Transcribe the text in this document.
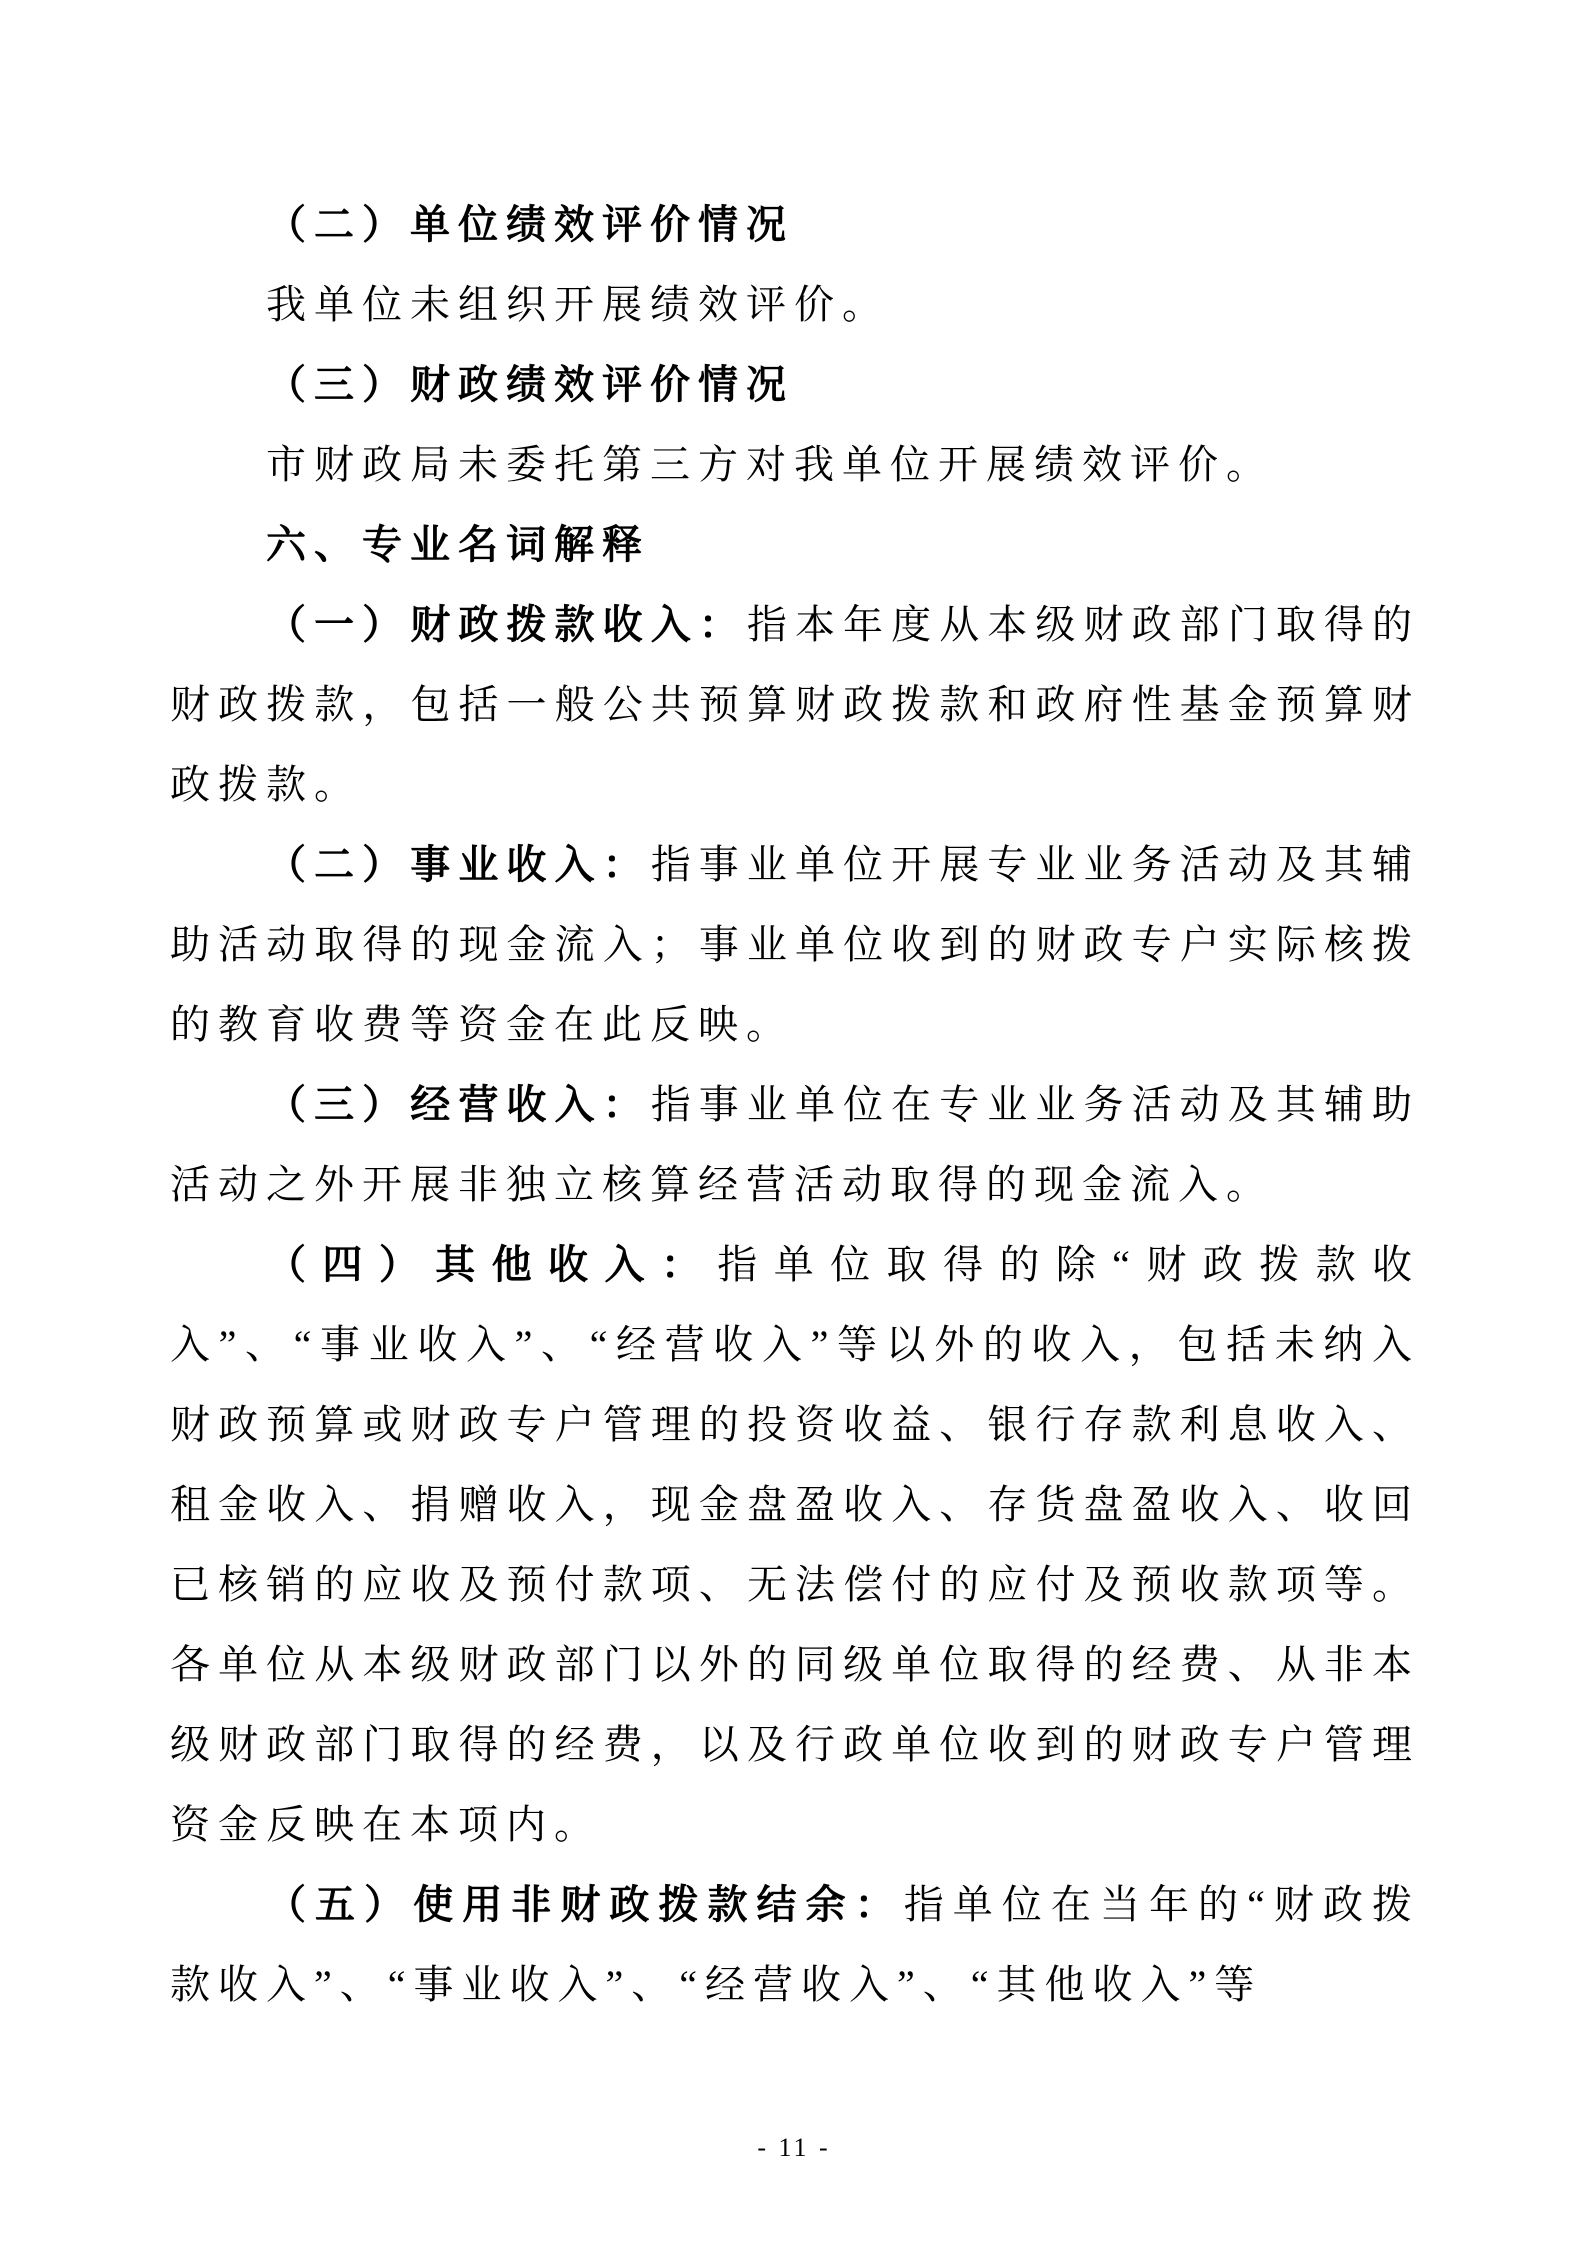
（二）单位绩效评价情况

我单位未组织开展绩效评价。

（三）财政绩效评价情况

市财政局未委托第三方对我单位开展绩效评价。

六、专业名词解释

（一）财政拨款收入：指本年度从本级财政部门取得的财政拨款，包括一般公共预算财政拨款和政府性基金预算财政拨款。

（二）事业收入：指事业单位开展专业业务活动及其辅助活动取得的现金流入；事业单位收到的财政专户实际核拨的教育收费等资金在此反映。

（三）经营收入：指事业单位在专业业务活动及其辅助活动之外开展非独立核算经营活动取得的现金流入。

（四）其他收入：指单位取得的除“财政拨款收入”、“事业收入”、“经营收入”等以外的收入，包括未纳入财政预算或财政专户管理的投资收益、银行存款利息收入、租金收入、捐赠收入，现金盘盈收入、存货盘盈收入、收回已核销的应收及预付款项、无法偿付的应付及预收款项等。各单位从本级财政部门以外的同级单位取得的经费、从非本级财政部门取得的经费，以及行政单位收到的财政专户管理资金反映在本项内。

（五）使用非财政拨款结余：指单位在当年的“财政拨款收入”、“事业收入”、“经营收入”、“其他收入”等

- 11 -
